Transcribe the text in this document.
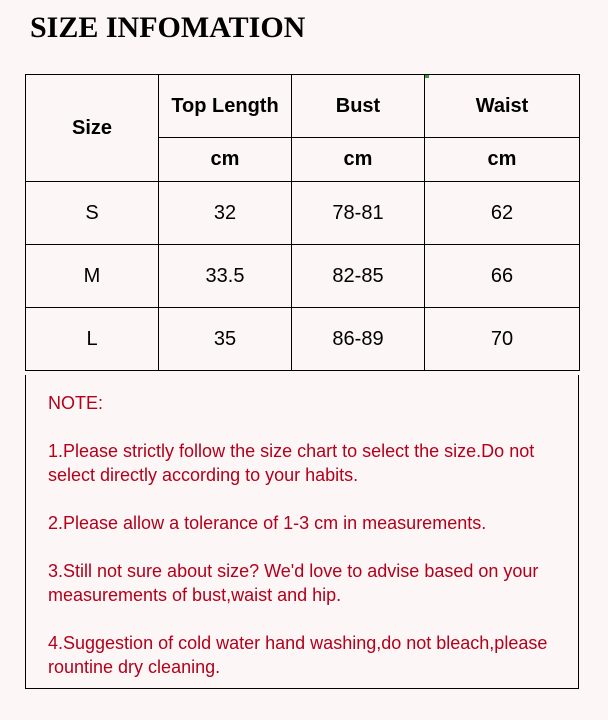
SIZE INFOMATION
Size	Top Length	Bust	Waist
	cm	cm	cm
S	32	78-81	62
M	33.5	82-85	66
L	35	86-89	70

NOTE:

1.Please strictly follow the size chart to select the size.Do not select directly according to your habits.

2.Please allow a tolerance of 1-3 cm in measurements.

3.Still not sure about size? We'd love to advise based on your measurements of bust,waist and hip.

4.Suggestion of cold water hand washing,do not bleach,please rountine dry cleaning.
